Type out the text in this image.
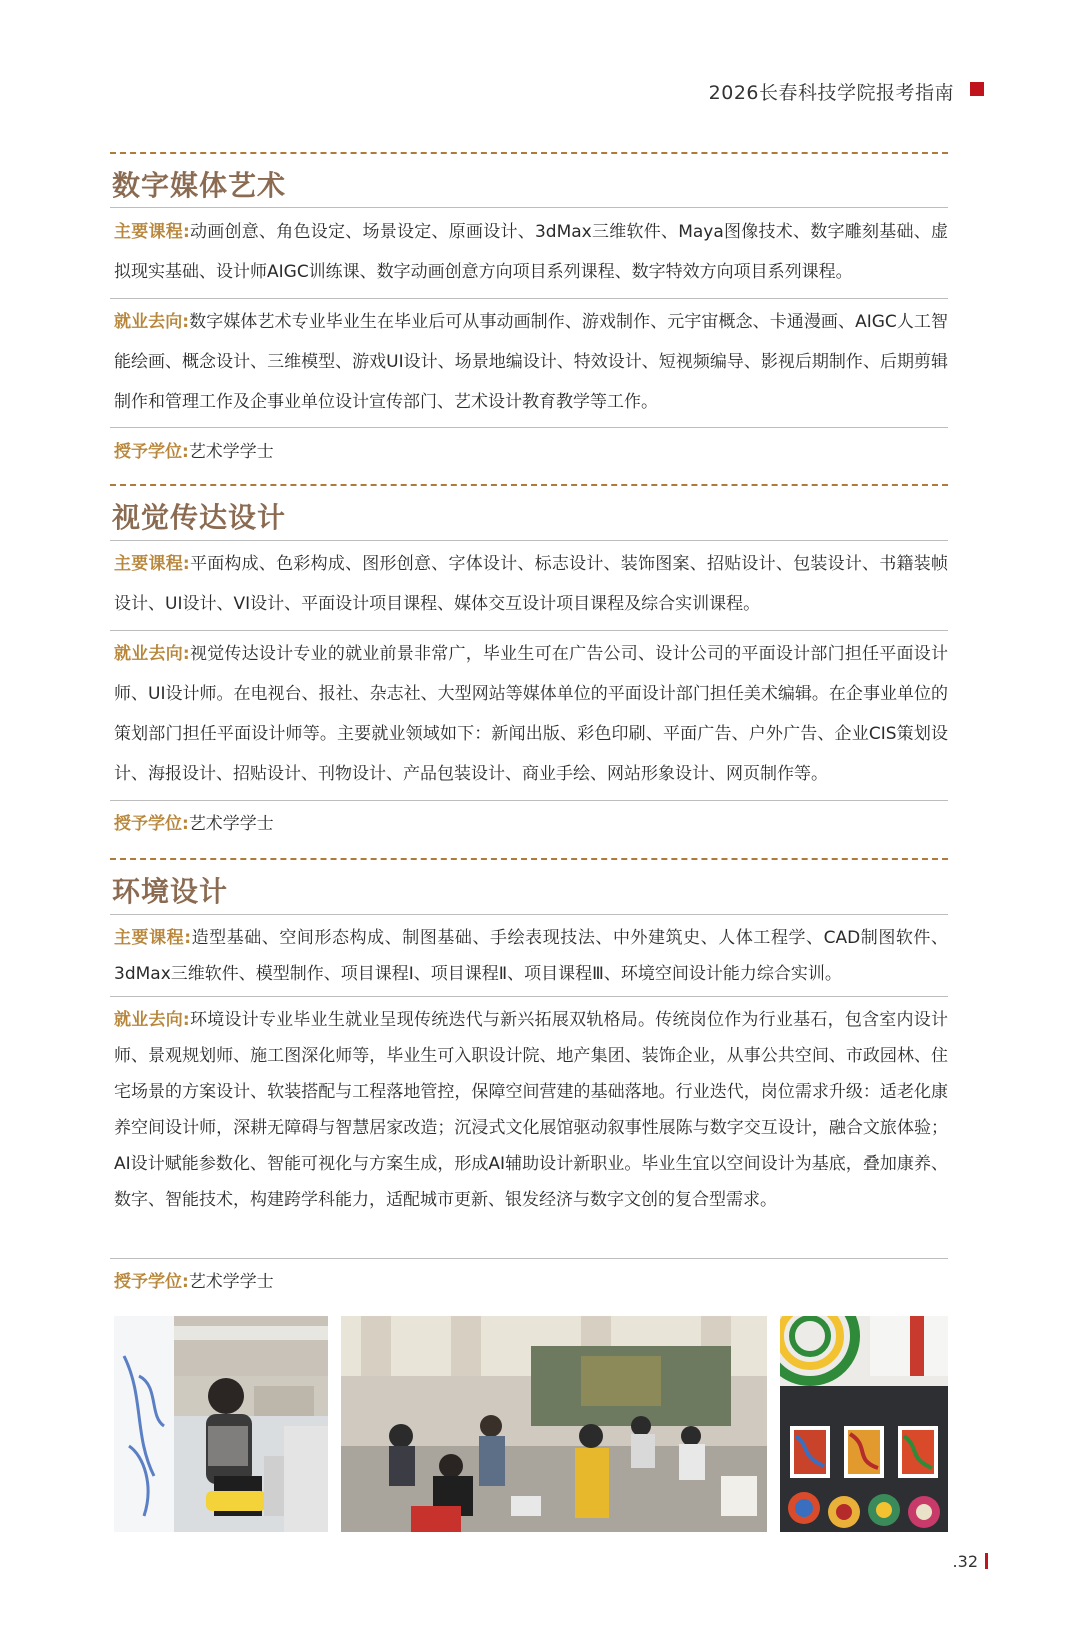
2026长春科技学院报考指南
数字媒体艺术
主要课程:动画创意、角色设定、场景设定、原画设计、3dMax三维软件、Maya图像技术、数字雕刻基础、虚拟现实基础、设计师AIGC训练课、数字动画创意方向项目系列课程、数字特效方向项目系列课程。
就业去向:数字媒体艺术专业毕业生在毕业后可从事动画制作、游戏制作、元宇宙概念、卡通漫画、AIGC人工智能绘画、概念设计、三维模型、游戏UI设计、场景地编设计、特效设计、短视频编导、影视后期制作、后期剪辑制作和管理工作及企事业单位设计宣传部门、艺术设计教育教学等工作。
授予学位:艺术学学士
视觉传达设计
主要课程:平面构成、色彩构成、图形创意、字体设计、标志设计、装饰图案、招贴设计、包装设计、书籍装帧设计、UI设计、VI设计、平面设计项目课程、媒体交互设计项目课程及综合实训课程。
就业去向:视觉传达设计专业的就业前景非常广，毕业生可在广告公司、设计公司的平面设计部门担任平面设计师、UI设计师。在电视台、报社、杂志社、大型网站等媒体单位的平面设计部门担任美术编辑。在企事业单位的策划部门担任平面设计师等。主要就业领域如下：新闻出版、彩色印刷、平面广告、户外广告、企业CIS策划设计、海报设计、招贴设计、刊物设计、产品包装设计、商业手绘、网站形象设计、网页制作等。
授予学位:艺术学学士
环境设计
主要课程:造型基础、空间形态构成、制图基础、手绘表现技法、中外建筑史、人体工程学、CAD制图软件、3dMax三维软件、模型制作、项目课程Ⅰ、项目课程Ⅱ、项目课程Ⅲ、环境空间设计能力综合实训。
就业去向:环境设计专业毕业生就业呈现传统迭代与新兴拓展双轨格局。传统岗位作为行业基石，包含室内设计师、景观规划师、施工图深化师等，毕业生可入职设计院、地产集团、装饰企业，从事公共空间、市政园林、住宅场景的方案设计、软装搭配与工程落地管控，保障空间营建的基础落地。行业迭代，岗位需求升级：适老化康养空间设计师，深耕无障碍与智慧居家改造；沉浸式文化展馆驱动叙事性展陈与数字交互设计，融合文旅体验；AI设计赋能参数化、智能可视化与方案生成，形成AI辅助设计新职业。毕业生宜以空间设计为基底，叠加康养、数字、智能技术，构建跨学科能力，适配城市更新、银发经济与数字文创的复合型需求。
授予学位:艺术学学士
.32
